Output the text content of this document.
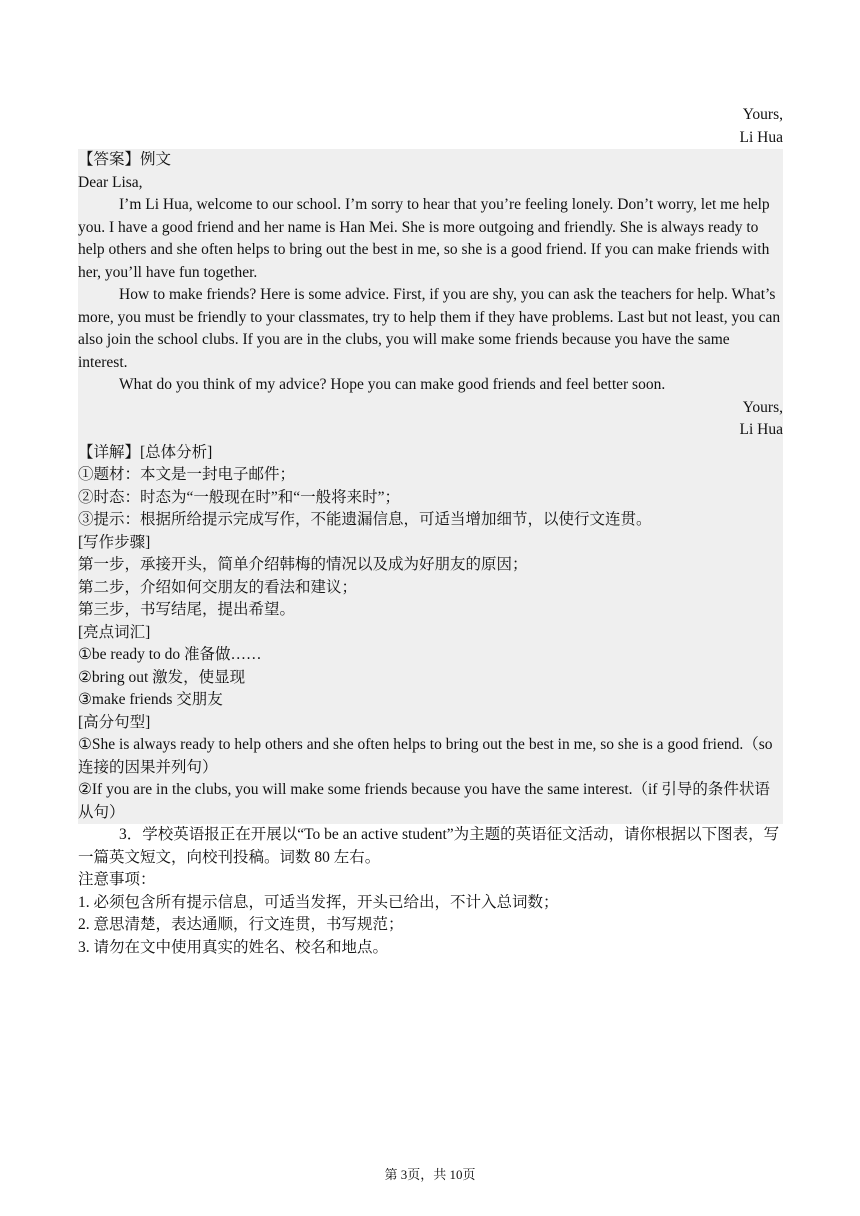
Yours,
Li Hua
【答案】例文
Dear Lisa,

I’m Li Hua, welcome to our school. I’m sorry to hear that you’re feeling lonely. Don’t worry, let me help you. I have a good friend and her name is Han Mei. She is more outgoing and friendly. She is always ready to help others and she often helps to bring out the best in me, so she is a good friend. If you can make friends with her, you’ll have fun together.

How to make friends? Here is some advice. First, if you are shy, you can ask the teachers for help. What’s more, you must be friendly to your classmates, try to help them if they have problems. Last but not least, you can also join the school clubs. If you are in the clubs, you will make some friends because you have the same interest.

What do you think of my advice? Hope you can make good friends and feel better soon.

Yours,
Li Hua
【详解】[总体分析]
①题材：本文是一封电子邮件；
②时态：时态为“一般现在时”和“一般将来时”；
③提示：根据所给提示完成写作，不能遗漏信息，可适当增加细节，以使行文连贯。
[写作步骤]
第一步，承接开头，简单介绍韩梅的情况以及成为好朋友的原因；
第二步，介绍如何交朋友的看法和建议；
第三步，书写结尾，提出希望。
[亮点词汇]
①be ready to do 准备做……
②bring out 激发，使显现
③make friends 交朋友
[高分句型]
①She is always ready to help others and she often helps to bring out the best in me, so she is a good friend.（so 连接的因果并列句）
②If you are in the clubs, you will make some friends because you have the same interest.（if 引导的条件状语从句）

3．学校英语报正在开展以“To be an active student”为主题的英语征文活动，请你根据以下图表，写一篇英文短文，向校刊投稿。词数 80 左右。

注意事项：
1. 必须包含所有提示信息，可适当发挥，开头已给出，不计入总词数；
2. 意思清楚，表达通顺，行文连贯，书写规范；
3. 请勿在文中使用真实的姓名、校名和地点。
第 3页，共 10页
